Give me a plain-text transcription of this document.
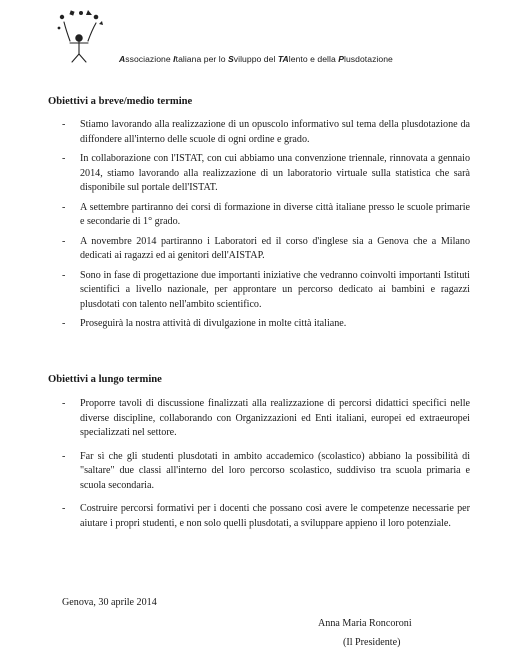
Associazione Italiana per lo Sviluppo del TAlento e della Plusdotazione
Obiettivi a breve/medio termine
- Stiamo lavorando alla realizzazione di un opuscolo informativo sul tema della plusdotazione da diffondere all'interno delle scuole di ogni ordine e grado.
- In collaborazione con l'ISTAT, con cui abbiamo una convenzione triennale, rinnovata a gennaio 2014, stiamo lavorando alla realizzazione di un laboratorio virtuale sulla statistica che sarà disponibile sul portale dell'ISTAT.
- A settembre partiranno dei corsi di formazione in diverse città italiane presso le scuole primarie e secondarie di 1° grado.
- A novembre 2014 partiranno i Laboratori ed il corso d'inglese sia a Genova che a Milano dedicati ai ragazzi ed ai genitori dell'AISTAP.
- Sono in fase di progettazione due importanti iniziative che vedranno coinvolti importanti Istituti scientifici a livello nazionale, per approntare un percorso dedicato ai bambini e ragazzi plusdotati con talento nell'ambito scientifico.
- Proseguirà la nostra attività di divulgazione in molte città italiane.
Obiettivi a lungo termine
- Proporre tavoli di discussione finalizzati alla realizzazione di percorsi didattici specifici nelle diverse discipline, collaborando con Organizzazioni ed Enti italiani, europei ed extraeuropei specializzati nel settore.
- Far sì che gli studenti plusdotati in ambito accademico (scolastico) abbiano la possibilità di "saltare" due classi all'interno del loro percorso scolastico, suddiviso tra scuola primaria e scuola secondaria.
- Costruire percorsi formativi per i docenti che possano così avere le competenze necessarie per aiutare i propri studenti, e non solo quelli plusdotati, a sviluppare appieno il loro potenziale.
Genova, 30 aprile 2014
Anna Maria Roncoroni
(Il Presidente)
